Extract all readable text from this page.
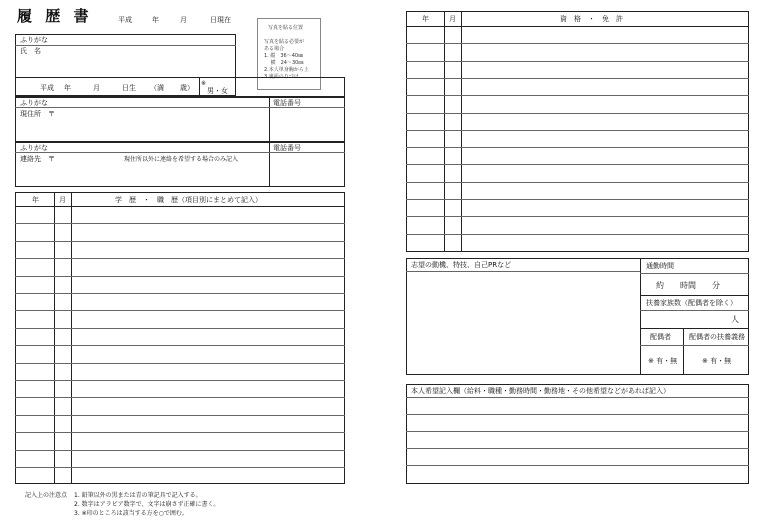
履 歴 書	平成	年	月	日現在
写真を貼る位置
写真を貼る必要が
ある場合
1. 縦　36〜40㎜
　 横　24〜30㎜
2.本人単身胸から上
3.裏面のりづけ
ふりがな
氏　名
平成 年	月	日生 （満 歳）
※
男・女
ふりがな
現住所　〒
電話番号
ふりがな
連絡先　〒	現住所以外に連絡を希望する場合のみ記入
電話番号
年	月	学　歴　・　職　歴（項目別にまとめて記入）
年	月	資　格　・　免　許
志望の動機、特技、自己PRなど	通勤時間
約　　時間　　分
扶養家族数（配偶者を除く）
人
配偶者	配偶者の扶養義務
※ 有・無	※ 有・無
本人希望記入欄（給料・職種・勤務時間・勤務地・その他希望などがあれば記入）
記入上の注意点 1. 鉛筆以外の黒または青の筆記具で記入する。
2. 数字はアラビア数字で、文字は崩さず正確に書く。
3. ※印のところは該当する方を○で囲む。
